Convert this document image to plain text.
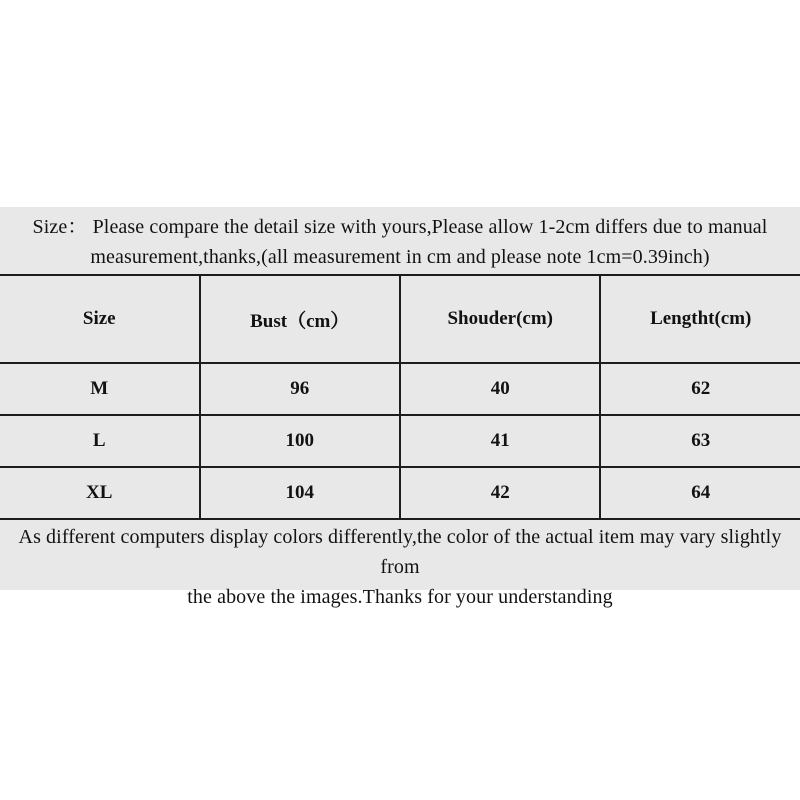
Size： Please compare the detail size with yours,Please allow 1-2cm differs due to manual
measurement,thanks,(all measurement in cm and please note 1cm=0.39inch)
Size	Bust（cm）	Shouder(cm)	Lengtht(cm)
M	96	40	62
L	100	41	63
XL	104	42	64
As different computers display colors differently,the color of the actual item may vary slightly from
the above the images.Thanks for your understanding
